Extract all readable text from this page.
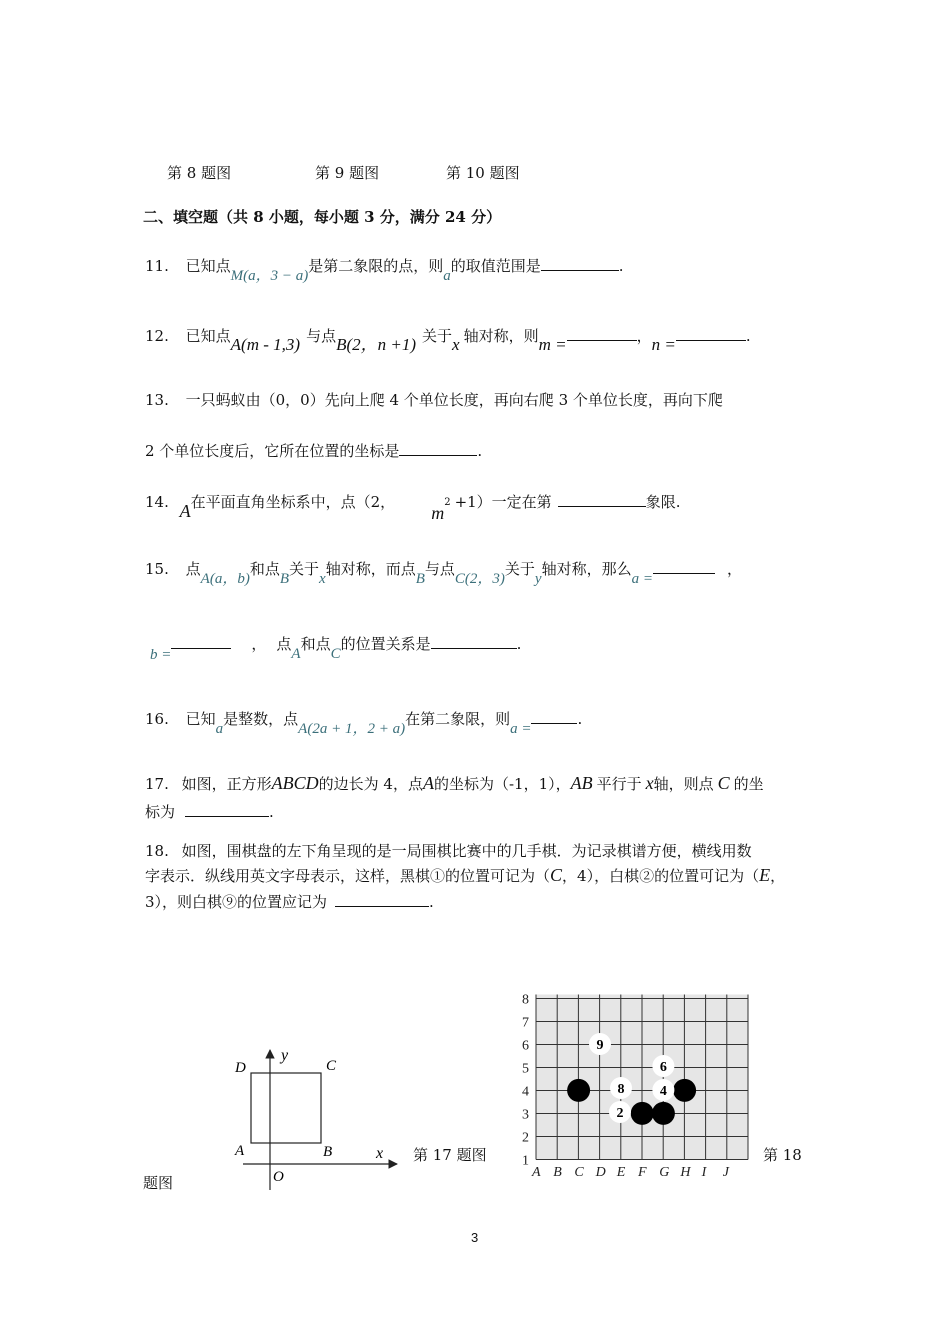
第 8 题图	第 9 题图	第 10 题图
二、填空题（共 8 小题，每小题 3 分，满分 24 分）
11. 已知点M(a，3 − a)是第二象限的点，则a的取值范围是	.
12. 已知点A(m - 1,3) 与点B(2，n +1) 关于x 轴对称，则m =	，n =	.
13. 一只蚂蚁由（0，0）先向上爬 4 个单位长度，再向右爬 3 个单位长度，再向下爬
2 个单位长度后，它所在位置的坐标是	.
14. A在平面直角坐标系中，点（2，$m^2 +1$）一定在第	象限.
15. 点A(a，b)和点B关于x轴对称，而点B与点C(2，3)关于y轴对称，那么a =，
b =， 点A和点C的位置关系是	.
16. 已知a是整数，点A(2a + 1，2 + a)在第二象限，则a =.
17. 如图，正方形ABCD的边长为 4，点A的坐标为（-1，1），AB 平行于 x轴，则点 C 的坐
标为	.
18. 如图，围棋盘的左下角呈现的是一局围棋比赛中的几手棋．为记录棋谱方便，横线用数
字表示．纵线用英文字母表示，这样，黑棋①的位置可记为（C，4），白棋②的位置可记为（E，
3），则白棋⑨的位置应记为	.
D	C
A	B
O
x
y
第 17 题图	1
2
3
4
5
6
7
8
A B C D E F G H I J
9
6
8	4
2
第 18
题图
3
